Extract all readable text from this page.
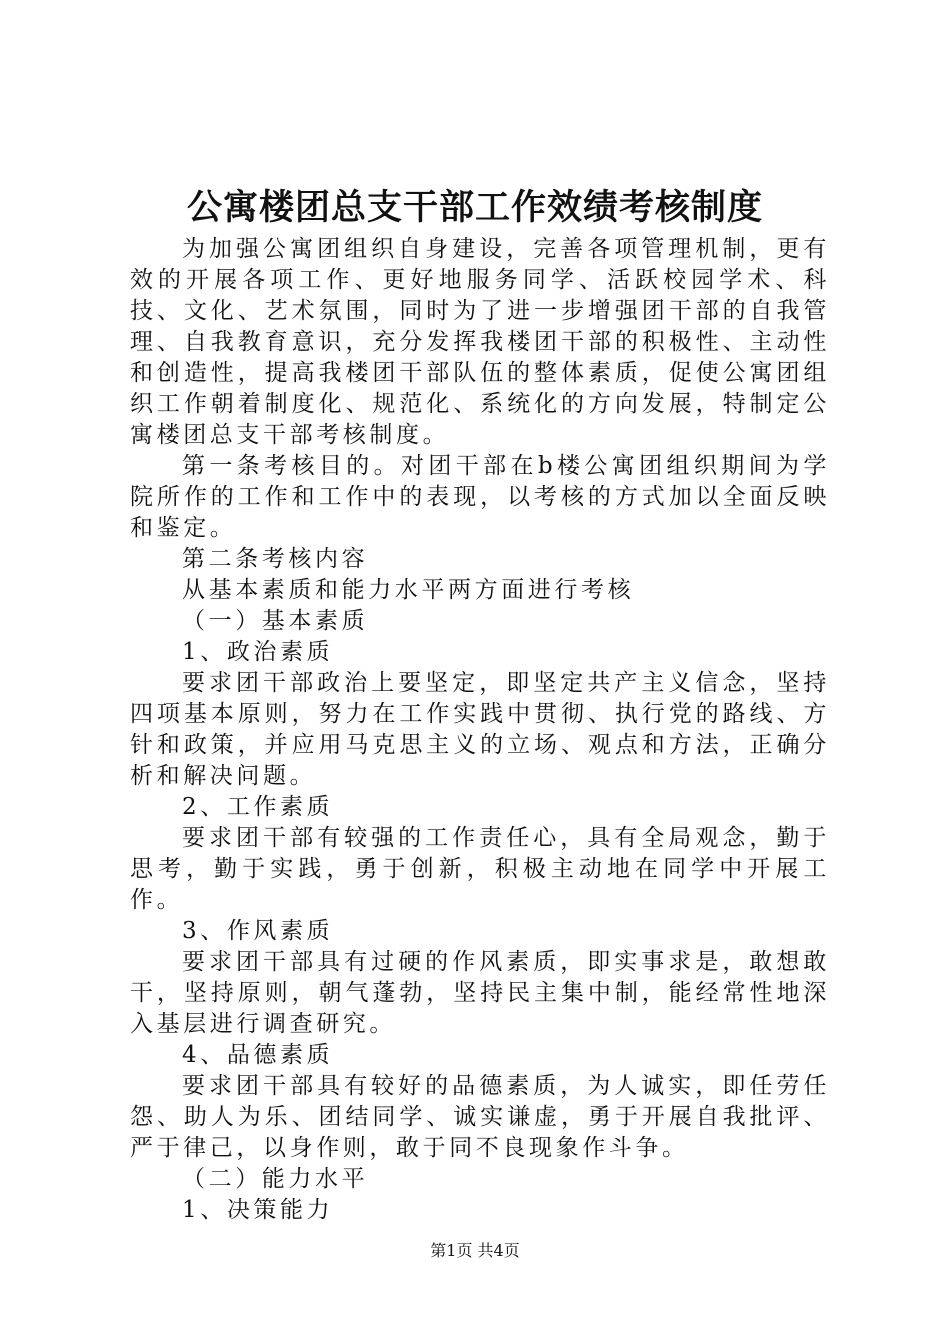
公寓楼团总支干部工作效绩考核制度

为加强公寓团组织自身建设，完善各项管理机制，更有效的开展各项工作、更好地服务同学、活跃校园学术、科技、文化、艺术氛围，同时为了进一步增强团干部的自我管理、自我教育意识，充分发挥我楼团干部的积极性、主动性和创造性，提高我楼团干部队伍的整体素质，促使公寓团组织工作朝着制度化、规范化、系统化的方向发展，特制定公寓楼团总支干部考核制度。

第一条考核目的。对团干部在b楼公寓团组织期间为学院所作的工作和工作中的表现，以考核的方式加以全面反映和鉴定。

第二条考核内容

从基本素质和能力水平两方面进行考核

（一）基本素质

1、政治素质

要求团干部政治上要坚定，即坚定共产主义信念，坚持四项基本原则，努力在工作实践中贯彻、执行党的路线、方针和政策，并应用马克思主义的立场、观点和方法，正确分析和解决问题。

2、工作素质

要求团干部有较强的工作责任心，具有全局观念，勤于思考，勤于实践，勇于创新，积极主动地在同学中开展工作。

3、作风素质

要求团干部具有过硬的作风素质，即实事求是，敢想敢干，坚持原则，朝气蓬勃，坚持民主集中制，能经常性地深入基层进行调查研究。

4、品德素质

要求团干部具有较好的品德素质，为人诚实，即任劳任怨、助人为乐、团结同学、诚实谦虚，勇于开展自我批评、严于律己，以身作则，敢于同不良现象作斗争。

（二）能力水平

1、决策能力

第1页 共4页
